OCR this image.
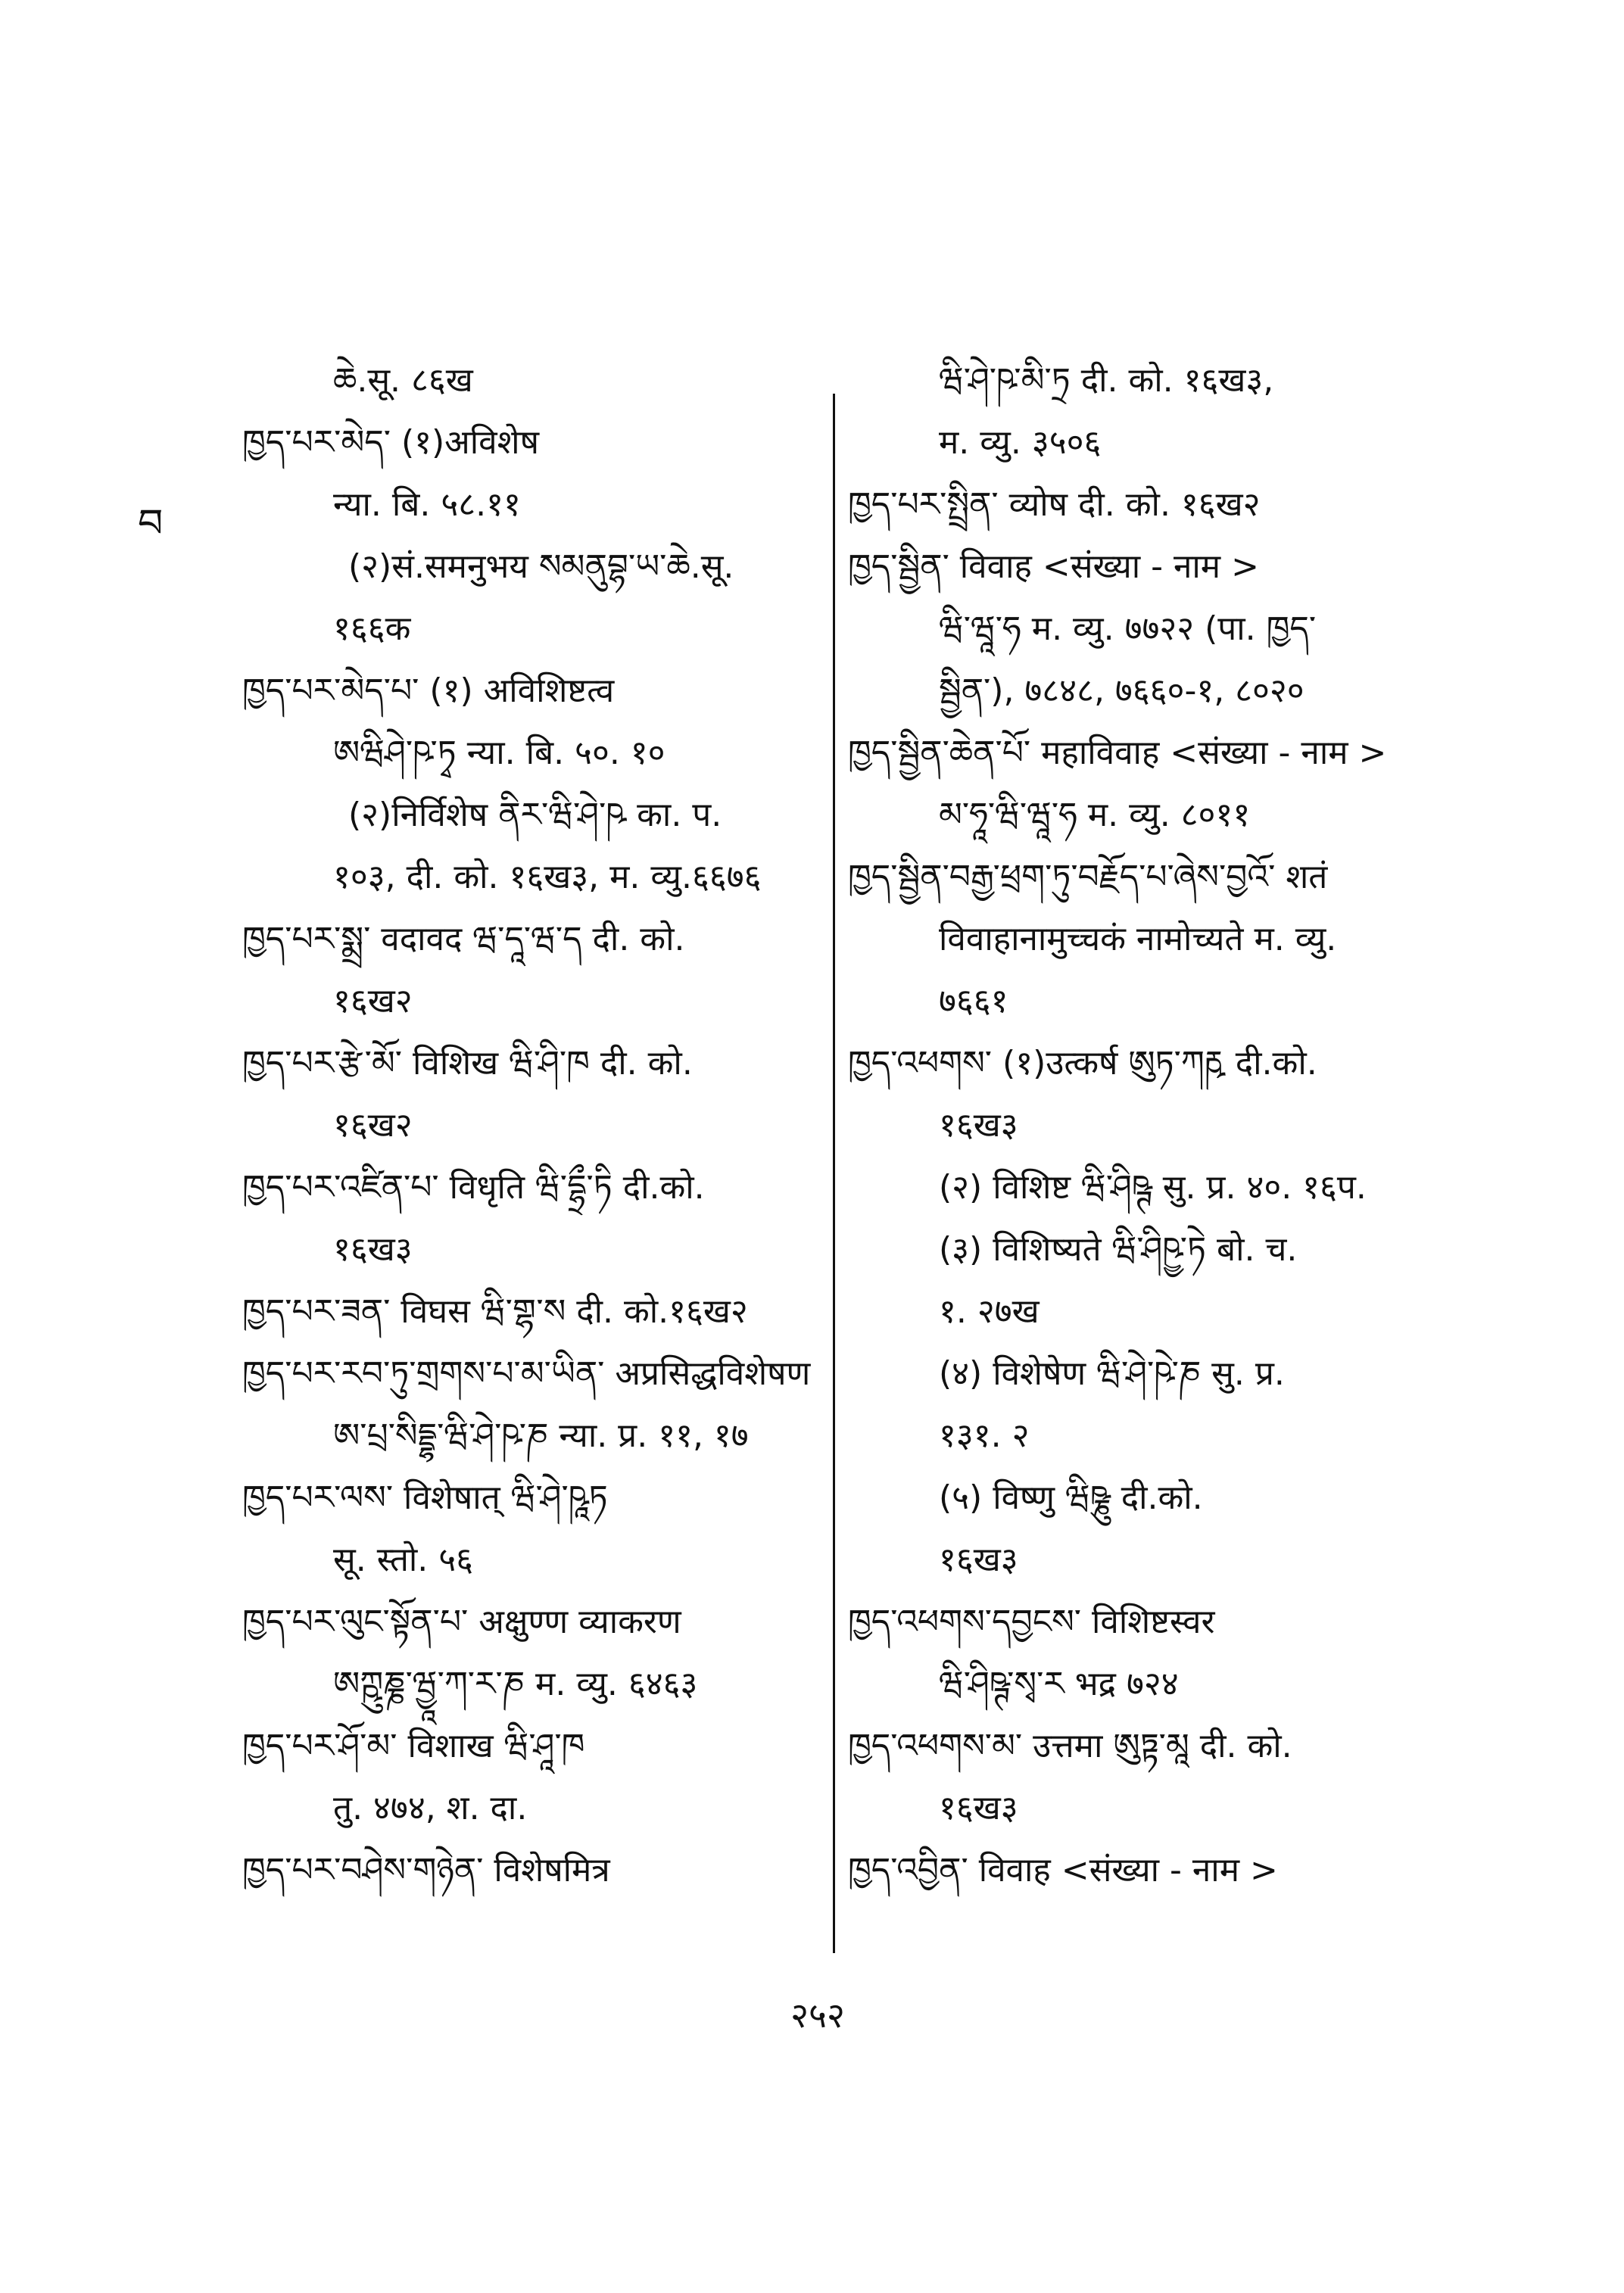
བ
ཆེ.सू. ८६ख
ཁྱད་པར་མེད་ (१)अविशेष
न्या. बि. ५८.११
(२)सं.समनुभय སམནུབྷ་ཡ་ཆེ.सू.
१६६क
ཁྱད་པར་མེད་པ་ (१) अविशिष्टत्व
ཨཝིཤེ་ཥ་ཏྭ न्या. बि. ५०. १०
(२)निर्विशेष ནིར་ཝི་ཤེ་ཥ का. प.
१०३, दी. को. १६ख३, म. व्यु.६६७६
ཁྱད་པར་སྨྲ་ वदावद ཝ་དཱ་ཝ་ད दी. को.
१६ख२
ཁྱད་པར་རྩེ་མོ་ विशिख ཝི་ཤི་ཁ दी. को.
१६ख२
ཁྱད་པར་འཛིན་པ་ विधृति ཝི་དྷྲྀ་ཏི दी.को.
१६ख३
ཁྱད་པར་ཟན་ विघस ཝི་གྷ་ས दी. को.१६ख२
ཁྱད་པར་རབ་ཏུ་གྲགས་པ་མ་ཡིན་ अप्रसिद्धविशेषण
ཨ་པྲ་སིདྡྷ་ཝི་ཤེ་ཥ་ཎ न्या. प्र. ११, १७
ཁྱད་པར་ལས་ विशेषात् ཝི་ཤེ་ཥཱཏ
सू. स्तो. ५६
ཁྱད་པར་ལུང་སྟོན་པ་ अक्षुण्ण व्याकरण
ཨཀྵུཎྞ་ཝྱཱ་ཀ་ར་ཎ म. व्यु. ६४६३
ཁྱད་པར་ཤོ་མ་ विशाख ཝི་ཤཱ་ཁ
तु. ४७४, श. दा.
ཁྱད་པར་བཤེས་གཉེན་ विशेषमित्र
ཝི་ཤེ་ཥ་མི་ཏྲ दी. को. १६ख३,
म. व्यु. ३५०६
ཁྱད་པར་སྤྲིན་ व्योष दी. को. १६ख२
ཁྱད་སྦྱིན་ विवाह <संख्या - नाम >
ཝི་ཝཱ་ཧ म. व्यु. ७७२२ (पा. ཁྱད་
སྦྱིན་), ७८४८, ७६६०-१, ८०२०
ཁྱད་སྦྱིན་ཆེན་པོ་ महाविवाह <संख्या - नाम >
མ་ཧཱ་ཝི་ཝཱ་ཧ म. व्यु. ८०११
ཁྱད་སྦྱིན་བརྒྱ་ཕྲག་ཏུ་བརྗོད་པ་ཞེས་བྱའོ་ शतं
विवाहानामुच्चकं नामोच्यते म. व्यु.
७६६१
ཁྱད་འཕགས་ (१)उत्कर्ष ཨུཏ་ཀརྵ दी.को.
१६ख३
(२) विशिष्ट ཝི་ཤིཥྚ सु. प्र. ४०. १६प.
(३) विशिष्यते ཝི་ཤིཥྱ་ཏེ बो. च.
१. २७ख
(४) विशेषेण ཝི་ཤེ་ཥེ་ཎ सु. प्र.
१३१. २
(५) विष्णु ཝིཥྞུ दी.को.
१६ख३
ཁྱད་འཕགས་དབྱངས་ विशिष्टस्वर
ཝི་ཤིཥྚ་སྭ་ར भद्र ७२४
ཁྱད་འཕགས་མ་ उत्तमा ཨུཏྟ་མཱ दी. को.
१६ख३
ཁྱད་འབྱིན་ विवाह <संख्या - नाम >
२५२
